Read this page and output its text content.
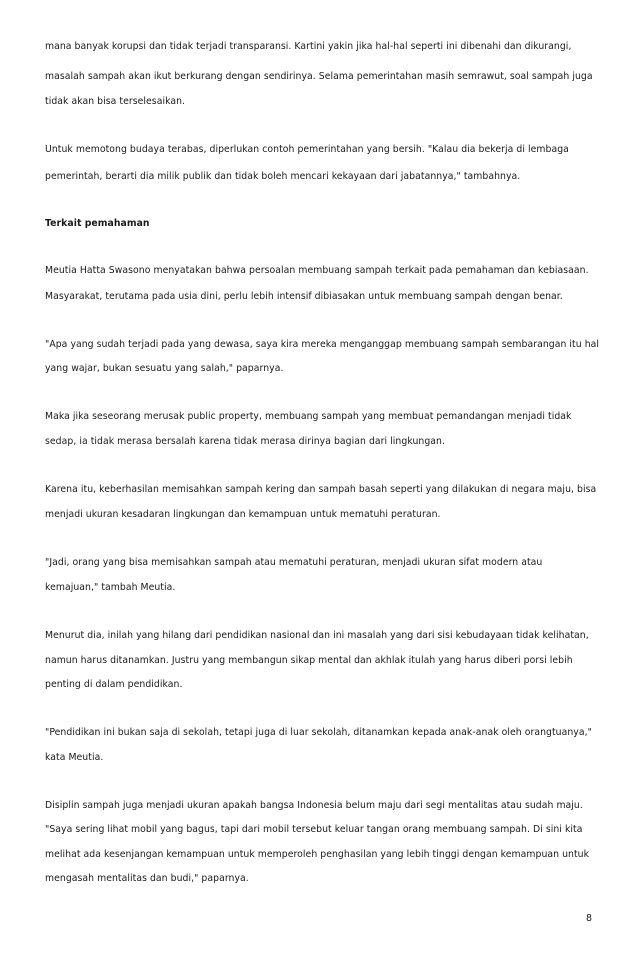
mana banyak korupsi dan tidak terjadi transparansi. Kartini yakin jika hal-hal seperti ini dibenahi dan dikurangi,
masalah sampah akan ikut berkurang dengan sendirinya. Selama pemerintahan masih semrawut, soal sampah juga
tidak akan bisa terselesaikan.
Untuk memotong budaya terabas, diperlukan contoh pemerintahan yang bersih. "Kalau dia bekerja di lembaga
pemerintah, berarti dia milik publik dan tidak boleh mencari kekayaan dari jabatannya," tambahnya.
Terkait pemahaman
Meutia Hatta Swasono menyatakan bahwa persoalan membuang sampah terkait pada pemahaman dan kebiasaan.
Masyarakat, terutama pada usia dini, perlu lebih intensif dibiasakan untuk membuang sampah dengan benar.
"Apa yang sudah terjadi pada yang dewasa, saya kira mereka menganggap membuang sampah sembarangan itu hal
yang wajar, bukan sesuatu yang salah," paparnya.
Maka jika seseorang merusak public property, membuang sampah yang membuat pemandangan menjadi tidak
sedap, ia tidak merasa bersalah karena tidak merasa dirinya bagian dari lingkungan.
Karena itu, keberhasilan memisahkan sampah kering dan sampah basah seperti yang dilakukan di negara maju, bisa
menjadi ukuran kesadaran lingkungan dan kemampuan untuk mematuhi peraturan.
"Jadi, orang yang bisa memisahkan sampah atau mematuhi peraturan, menjadi ukuran sifat modern atau
kemajuan," tambah Meutia.
Menurut dia, inilah yang hilang dari pendidikan nasional dan ini masalah yang dari sisi kebudayaan tidak kelihatan,
namun harus ditanamkan. Justru yang membangun sikap mental dan akhlak itulah yang harus diberi porsi lebih
penting di dalam pendidikan.
"Pendidikan ini bukan saja di sekolah, tetapi juga di luar sekolah, ditanamkan kepada anak-anak oleh orangtuanya,"
kata Meutia.
Disiplin sampah juga menjadi ukuran apakah bangsa Indonesia belum maju dari segi mentalitas atau sudah maju.
"Saya sering lihat mobil yang bagus, tapi dari mobil tersebut keluar tangan orang membuang sampah. Di sini kita
melihat ada kesenjangan kemampuan untuk memperoleh penghasilan yang lebih tinggi dengan kemampuan untuk
mengasah mentalitas dan budi," paparnya.
8
